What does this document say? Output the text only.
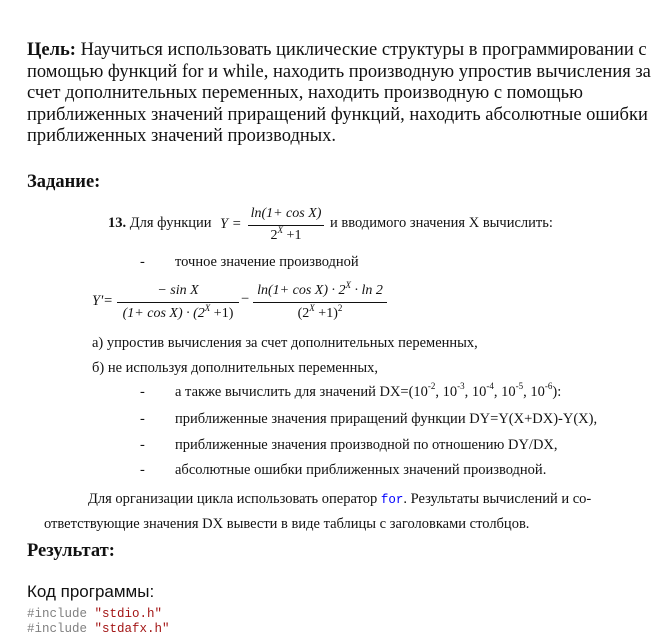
Цель: Научиться использовать циклические структуры в программировании с помощью функций for и while, находить производную упростив вычисления за счет дополнительных переменных, находить производную с помощью приближенных значений приращений функций, находить абсолютные ошибки приближенных значений производных.
Задание:
13. Для функции Y =
ln(1+ cos X)
$2^X +1$
и вводимого значения Х вычислить:
- точное значение производной
Y'=
− sin X
$(1+ \cos X) \cdot (2^X +1)$
−
$\ln(1+ \cos X) \cdot 2^X \cdot \ln 2$
$(2^X +1)^2$
а) упростив вычисления за счет дополнительных переменных,
б) не используя дополнительных переменных,
- а также вычислить для значений $DX=(10^{-2}$, $10^{-3}$, $10^{-4}$, $10^{-5}$, $10^{-6}$):
- приближенные значения приращений функции DY=Y(X+DX)-Y(X),
- приближенные значения производной по отношению DY/DX,
- абсолютные ошибки приближенных значений производной.
Для организации цикла использовать оператор for. Результаты вычислений и со-
ответствующие значения DX вывести в виде таблицы с заголовками столбцов.
Результат:
Код программы:
#include "stdio.h"
#include "stdafx.h"
